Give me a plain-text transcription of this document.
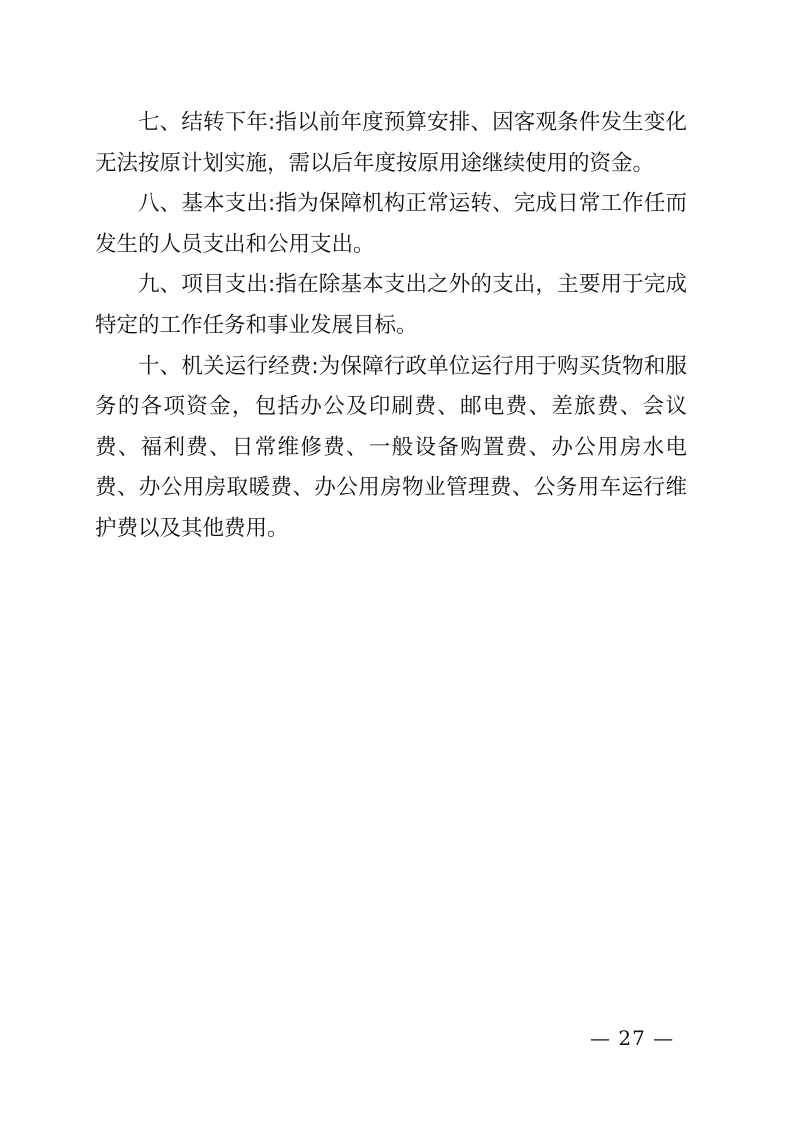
七、结转下年:指以前年度预算安排、因客观条件发生变化无法按原计划实施，需以后年度按原用途继续使用的资金。

八、基本支出:指为保障机构正常运转、完成日常工作任而发生的人员支出和公用支出。

九、项目支出:指在除基本支出之外的支出，主要用于完成特定的工作任务和事业发展目标。

十、机关运行经费:为保障行政单位运行用于购买货物和服务的各项资金，包括办公及印刷费、邮电费、差旅费、会议费、福利费、日常维修费、一般设备购置费、办公用房水电费、办公用房取暖费、办公用房物业管理费、公务用车运行维护费以及其他费用。

— 27 —
